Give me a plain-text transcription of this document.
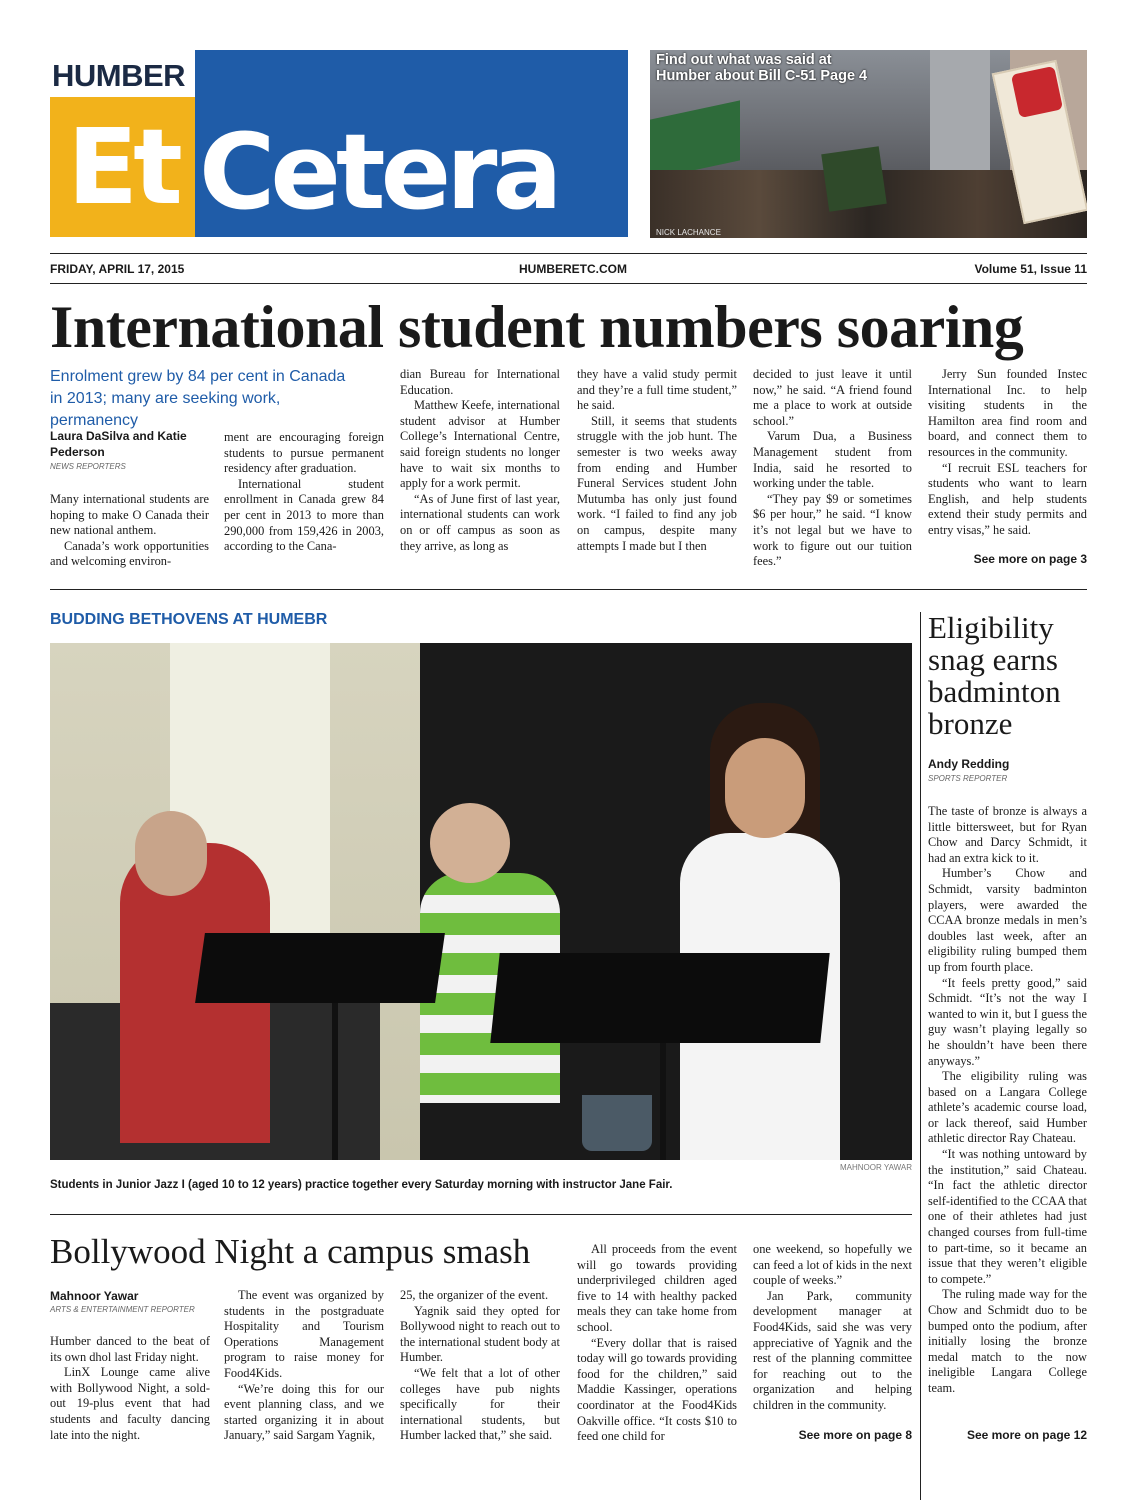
HUMBER
Et Cetera
Find out what was said at Humber about Bill C-51 Page 4
NICK LACHANCE
FRIDAY, APRIL 17, 2015	HUMBERETC.COM	Volume 51, Issue 11
International student numbers soaring
Enrolment grew by 84 per cent in Canada in 2013; many are seeking work, permanency
Laura DaSilva and Katie Pederson
NEWS REPORTERS

Many international students are hoping to make O Canada their new national anthem.

Canada’s work opportunities and welcoming environ-

ment are encouraging foreign students to pursue permanent residency after graduation.

International student enrollment in Canada grew 84 per cent in 2013 to more than 290,000 from 159,426 in 2003, according to the Cana-

dian Bureau for International Education.

Matthew Keefe, international student advisor at Humber College’s International Centre, said foreign students no longer have to wait six months to apply for a work permit.

“As of June first of last year, international students can work on or off campus as soon as they arrive, as long as

they have a valid study permit and they’re a full time student,” he said.

Still, it seems that students struggle with the job hunt. The semester is two weeks away from ending and Humber Funeral Services student John Mutumba has only just found work. “I failed to find any job on campus, despite many attempts I made but I then

decided to just leave it until now,” he said. “A friend found me a place to work at outside school.”

Varum Dua, a Business Management student from India, said he resorted to working under the table.

“They pay $9 or sometimes $6 per hour,” he said. “I know it’s not legal but we have to work to figure out our tuition fees.”

Jerry Sun founded Instec International Inc. to help visiting students in the Hamilton area find room and board, and connect them to resources in the community.

“I recruit ESL teachers for students who want to learn English, and help students extend their study permits and entry visas,” he said.

See more on page 3
BUDDING BETHOVENS AT HUMEBR
MAHNOOR YAWAR
Students in Junior Jazz I (aged 10 to 12 years) practice together every Saturday morning with instructor Jane Fair.
Eligibility snag earns badminton bronze
Andy Redding
SPORTS REPORTER

The taste of bronze is always a little bittersweet, but for Ryan Chow and Darcy Schmidt, it had an extra kick to it.

Humber’s Chow and Schmidt, varsity badminton players, were awarded the CCAA bronze medals in men’s doubles last week, after an eligibility ruling bumped them up from fourth place.

“It feels pretty good,” said Schmidt. “It’s not the way I wanted to win it, but I guess the guy wasn’t playing legally so he shouldn’t have been there anyways.”

The eligibility ruling was based on a Langara College athlete’s academic course load, or lack thereof, said Humber athletic director Ray Chateau.

“It was nothing untoward by the institution,” said Chateau. “In fact the athletic director self-identified to the CCAA that one of their athletes had just changed courses from full-time to part-time, so it became an issue that they weren’t eligible to compete.”

The ruling made way for the Chow and Schmidt duo to be bumped onto the podium, after initially losing the bronze medal match to the now ineligible Langara College team.

See more on page 12
Bollywood Night a campus smash
Mahnoor Yawar
ARTS & ENTERTAINMENT REPORTER

Humber danced to the beat of its own dhol last Friday night.

LinX Lounge came alive with Bollywood Night, a sold-out 19-plus event that had students and faculty dancing late into the night.

The event was organized by students in the postgraduate Hospitality and Tourism Operations Management program to raise money for Food4Kids.

“We’re doing this for our event planning class, and we started organizing it in about January,” said Sargam Yagnik,

25, the organizer of the event.

Yagnik said they opted for Bollywood night to reach out to the international student body at Humber.

“We felt that a lot of other colleges have pub nights specifically for their international students, but Humber lacked that,” she said.

All proceeds from the event will go towards providing underprivileged children aged five to 14 with healthy packed meals they can take home from school.

“Every dollar that is raised today will go towards providing food for the children,” said Maddie Kassinger, operations coordinator at the Food4Kids Oakville office. “It costs $10 to feed one child for

one weekend, so hopefully we can feed a lot of kids in the next couple of weeks.”

Jan Park, community development manager at Food4Kids, said she was very appreciative of Yagnik and the rest of the planning committee for reaching out to the organization and helping children in the community.

See more on page 8
